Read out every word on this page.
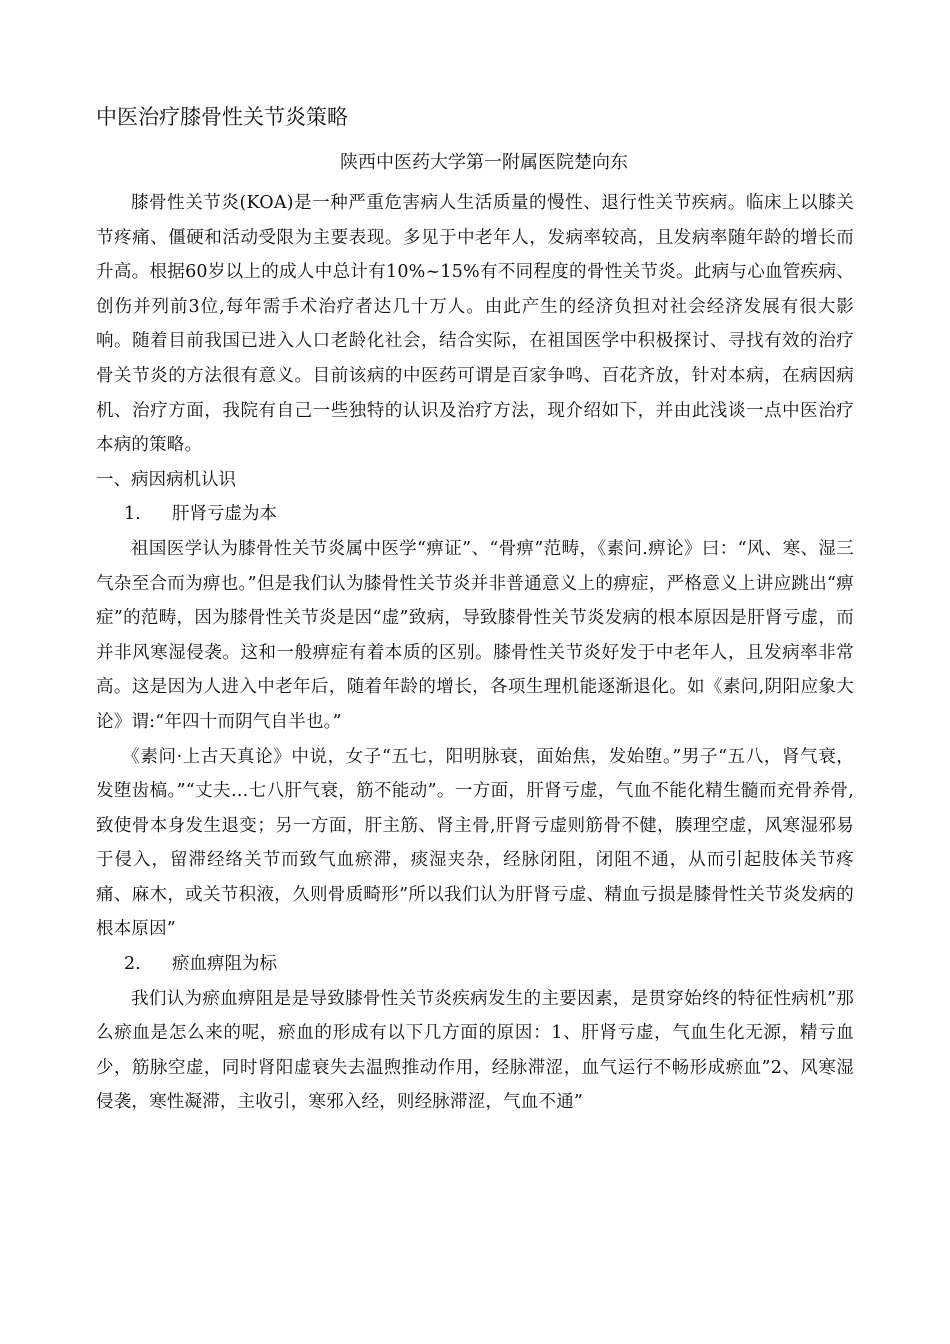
中医治疗膝骨性关节炎策略
陕西中医药大学第一附属医院楚向东

膝骨性关节炎(KOA)是一种严重危害病人生活质量的慢性、退行性关节疾病。临床上以膝关节疼痛、僵硬和活动受限为主要表现。多见于中老年人，发病率较高，且发病率随年龄的增长而升高。根据60岁以上的成人中总计有10%~15%有不同程度的骨性关节炎。此病与心血管疾病、创伤并列前3位,每年需手术治疗者达几十万人。由此产生的经济负担对社会经济发展有很大影响。随着目前我国已进入人口老龄化社会，结合实际，在祖国医学中积极探讨、寻找有效的治疗骨关节炎的方法很有意义。目前该病的中医药可谓是百家争鸣、百花齐放，针对本病，在病因病机、治疗方面，我院有自己一些独特的认识及治疗方法，现介绍如下，并由此浅谈一点中医治疗本病的策略。

一、病因病机认识
1. 肝肾亏虚为本

祖国医学认为膝骨性关节炎属中医学“痹证”、“骨痹”范畴，《素问.痹论》曰：“风、寒、湿三气杂至合而为痹也。”但是我们认为膝骨性关节炎并非普通意义上的痹症，严格意义上讲应跳出“痹症”的范畴，因为膝骨性关节炎是因“虚”致病，导致膝骨性关节炎发病的根本原因是肝肾亏虚，而并非风寒湿侵袭。这和一般痹症有着本质的区别。膝骨性关节炎好发于中老年人，且发病率非常高。这是因为人进入中老年后，随着年龄的增长，各项生理机能逐渐退化。如《素问,阴阳应象大论》谓:“年四十而阴气自半也。”

《素问·上古天真论》中说，女子“五七，阳明脉衰，面始焦，发始堕。”男子“五八，肾气衰，发堕齿槁。”“丈夫…七八肝气衰，筋不能动”。一方面，肝肾亏虚，气血不能化精生髓而充骨养骨,致使骨本身发生退变；另一方面，肝主筋、肾主骨,肝肾亏虚则筋骨不健，腠理空虚，风寒湿邪易于侵入，留滞经络关节而致气血瘀滞，痰湿夹杂，经脉闭阻，闭阻不通，从而引起肢体关节疼痛、麻木，或关节积液，久则骨质畸形”所以我们认为肝肾亏虚、精血亏损是膝骨性关节炎发病的根本原因”

2. 瘀血痹阻为标

我们认为瘀血痹阻是是导致膝骨性关节炎疾病发生的主要因素，是贯穿始终的特征性病机”那么瘀血是怎么来的呢，瘀血的形成有以下几方面的原因：1、肝肾亏虚，气血生化无源，精亏血少，筋脉空虚，同时肾阳虚衰失去温煦推动作用，经脉滞涩，血气运行不畅形成瘀血”2、风寒湿侵袭，寒性凝滞，主收引，寒邪入经，则经脉滞涩，气血不通”
